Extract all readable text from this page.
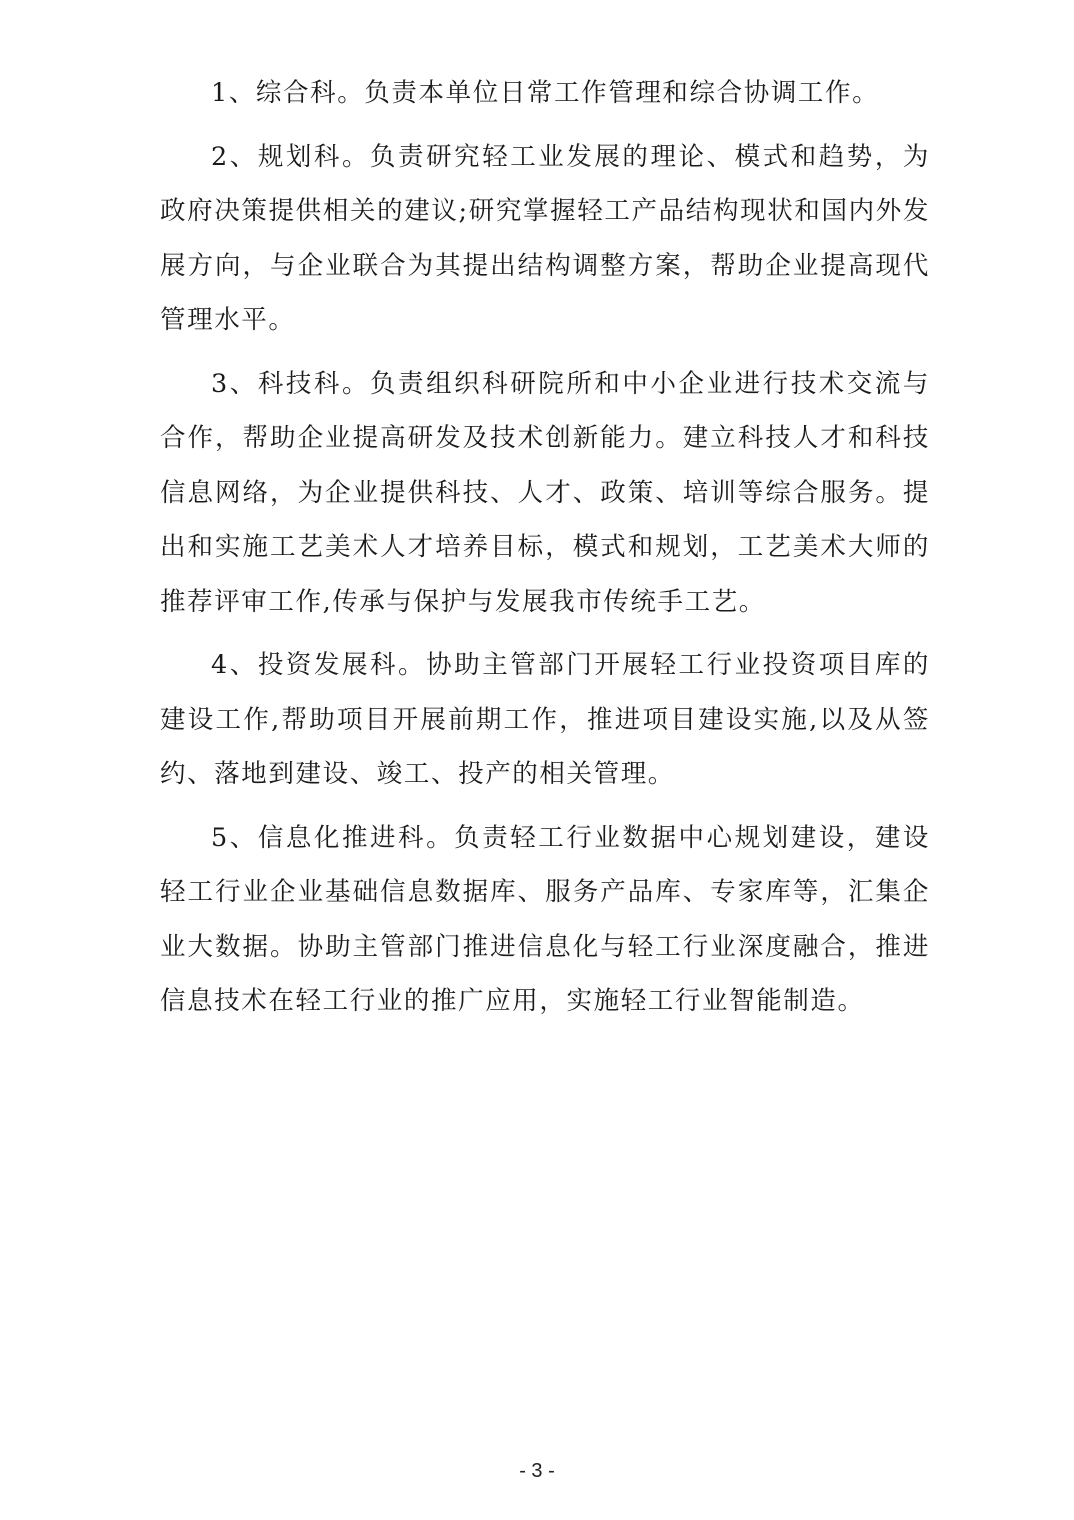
1、综合科。负责本单位日常工作管理和综合协调工作。

2、规划科。负责研究轻工业发展的理论、模式和趋势，为政府决策提供相关的建议;研究掌握轻工产品结构现状和国内外发展方向，与企业联合为其提出结构调整方案，帮助企业提高现代管理水平。

3、科技科。负责组织科研院所和中小企业进行技术交流与合作，帮助企业提高研发及技术创新能力。建立科技人才和科技信息网络，为企业提供科技、人才、政策、培训等综合服务。提出和实施工艺美术人才培养目标，模式和规划，工艺美术大师的推荐评审工作,传承与保护与发展我市传统手工艺。

4、投资发展科。协助主管部门开展轻工行业投资项目库的建设工作,帮助项目开展前期工作，推进项目建设实施,以及从签约、落地到建设、竣工、投产的相关管理。

5、信息化推进科。负责轻工行业数据中心规划建设，建设轻工行业企业基础信息数据库、服务产品库、专家库等，汇集企业大数据。协助主管部门推进信息化与轻工行业深度融合，推进信息技术在轻工行业的推广应用，实施轻工行业智能制造。

- 3 -
